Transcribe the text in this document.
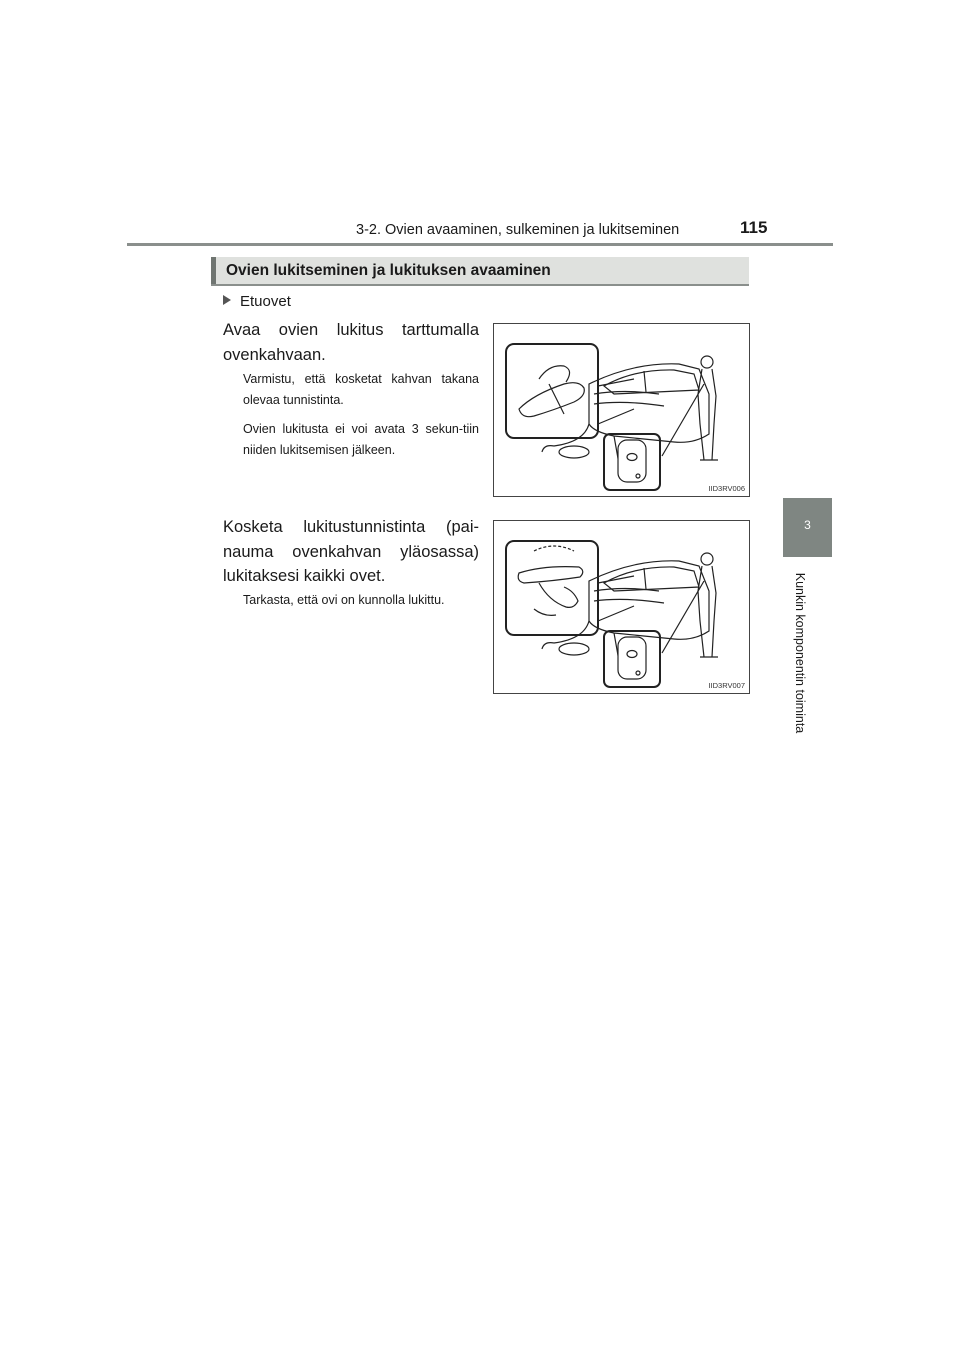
3-2. Ovien avaaminen, sulkeminen ja lukitseminen	115
3
Kunkin komponentin toiminta
Ovien lukitseminen ja lukituksen avaaminen
Etuovet
Avaa ovien lukitus tarttumalla ovenkahvaan.
Varmistu, että kosketat kahvan takana olevaa tunnistinta.
Ovien lukitusta ei voi avata 3 sekun-tiin niiden lukitsemisen jälkeen.
Kosketa lukitustunnistinta (pai-nauma ovenkahvan yläosassa) lukitaksesi kaikki ovet.
Tarkasta, että ovi on kunnolla lukittu.
IID3RV006
IID3RV007
